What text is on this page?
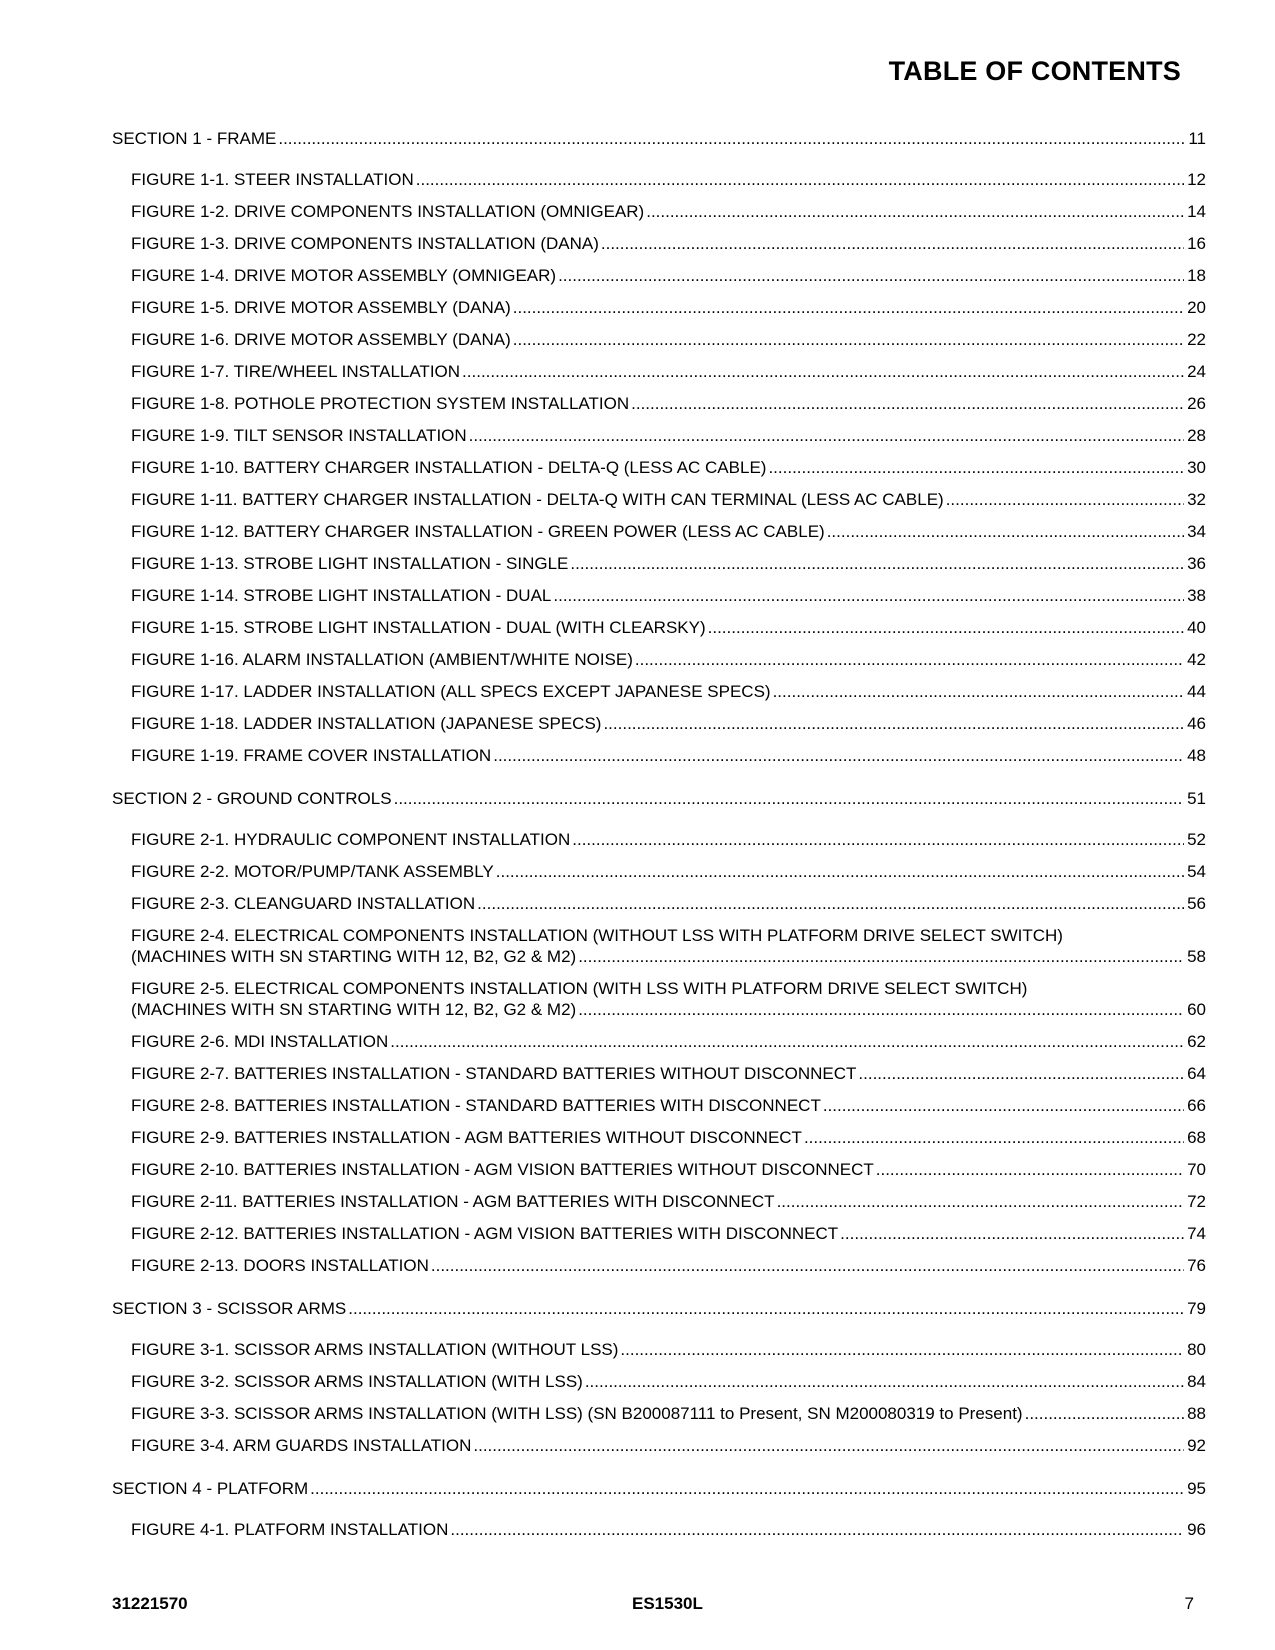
TABLE OF CONTENTS
SECTION 1 - FRAME .....	11
FIGURE 1-1. STEER INSTALLATION .....	12
FIGURE 1-2. DRIVE COMPONENTS INSTALLATION (OMNIGEAR) .....	14
FIGURE 1-3. DRIVE COMPONENTS INSTALLATION (DANA) .....	16
FIGURE 1-4. DRIVE MOTOR ASSEMBLY (OMNIGEAR) .....	18
FIGURE 1-5. DRIVE MOTOR ASSEMBLY (DANA) .....	20
FIGURE 1-6. DRIVE MOTOR ASSEMBLY (DANA) .....	22
FIGURE 1-7. TIRE/WHEEL INSTALLATION .....	24
FIGURE 1-8. POTHOLE PROTECTION SYSTEM INSTALLATION .....	26
FIGURE 1-9. TILT SENSOR INSTALLATION .....	28
FIGURE 1-10. BATTERY CHARGER INSTALLATION - DELTA-Q (LESS AC CABLE) .....	30
FIGURE 1-11. BATTERY CHARGER INSTALLATION - DELTA-Q WITH CAN TERMINAL (LESS AC CABLE) .....	32
FIGURE 1-12. BATTERY CHARGER INSTALLATION - GREEN POWER (LESS AC CABLE) .....	34
FIGURE 1-13. STROBE LIGHT INSTALLATION - SINGLE .....	36
FIGURE 1-14. STROBE LIGHT INSTALLATION - DUAL .....	38
FIGURE 1-15. STROBE LIGHT INSTALLATION - DUAL (WITH CLEARSKY) .....	40
FIGURE 1-16. ALARM INSTALLATION (AMBIENT/WHITE NOISE) .....	42
FIGURE 1-17. LADDER INSTALLATION (ALL SPECS EXCEPT JAPANESE SPECS) .....	44
FIGURE 1-18. LADDER INSTALLATION (JAPANESE SPECS) .....	46
FIGURE 1-19. FRAME COVER INSTALLATION .....	48
SECTION 2 - GROUND CONTROLS .....	51
FIGURE 2-1. HYDRAULIC COMPONENT INSTALLATION .....	52
FIGURE 2-2. MOTOR/PUMP/TANK ASSEMBLY .....	54
FIGURE 2-3. CLEANGUARD INSTALLATION .....	56
FIGURE 2-4. ELECTRICAL COMPONENTS INSTALLATION (WITHOUT LSS WITH PLATFORM DRIVE SELECT SWITCH)
(MACHINES WITH SN STARTING WITH 12, B2, G2 & M2) .....	58
FIGURE 2-5. ELECTRICAL COMPONENTS INSTALLATION (WITH LSS WITH PLATFORM DRIVE SELECT SWITCH)
(MACHINES WITH SN STARTING WITH 12, B2, G2 & M2) .....	60
FIGURE 2-6. MDI INSTALLATION .....	62
FIGURE 2-7. BATTERIES INSTALLATION - STANDARD BATTERIES WITHOUT DISCONNECT .....	64
FIGURE 2-8. BATTERIES INSTALLATION - STANDARD BATTERIES WITH DISCONNECT .....	66
FIGURE 2-9. BATTERIES INSTALLATION - AGM BATTERIES WITHOUT DISCONNECT .....	68
FIGURE 2-10. BATTERIES INSTALLATION - AGM VISION BATTERIES WITHOUT DISCONNECT .....	70
FIGURE 2-11. BATTERIES INSTALLATION - AGM BATTERIES WITH DISCONNECT .....	72
FIGURE 2-12. BATTERIES INSTALLATION - AGM VISION BATTERIES WITH DISCONNECT .....	74
FIGURE 2-13. DOORS INSTALLATION .....	76
SECTION 3 - SCISSOR ARMS .....	79
FIGURE 3-1. SCISSOR ARMS INSTALLATION (WITHOUT LSS) .....	80
FIGURE 3-2. SCISSOR ARMS INSTALLATION (WITH LSS) .....	84
FIGURE 3-3. SCISSOR ARMS INSTALLATION (WITH LSS) (SN B200087111 to Present, SN M200080319 to Present) .....	88
FIGURE 3-4. ARM GUARDS INSTALLATION .....	92
SECTION 4 - PLATFORM .....	95
FIGURE 4-1. PLATFORM INSTALLATION .....	96
31221570	ES1530L	7
